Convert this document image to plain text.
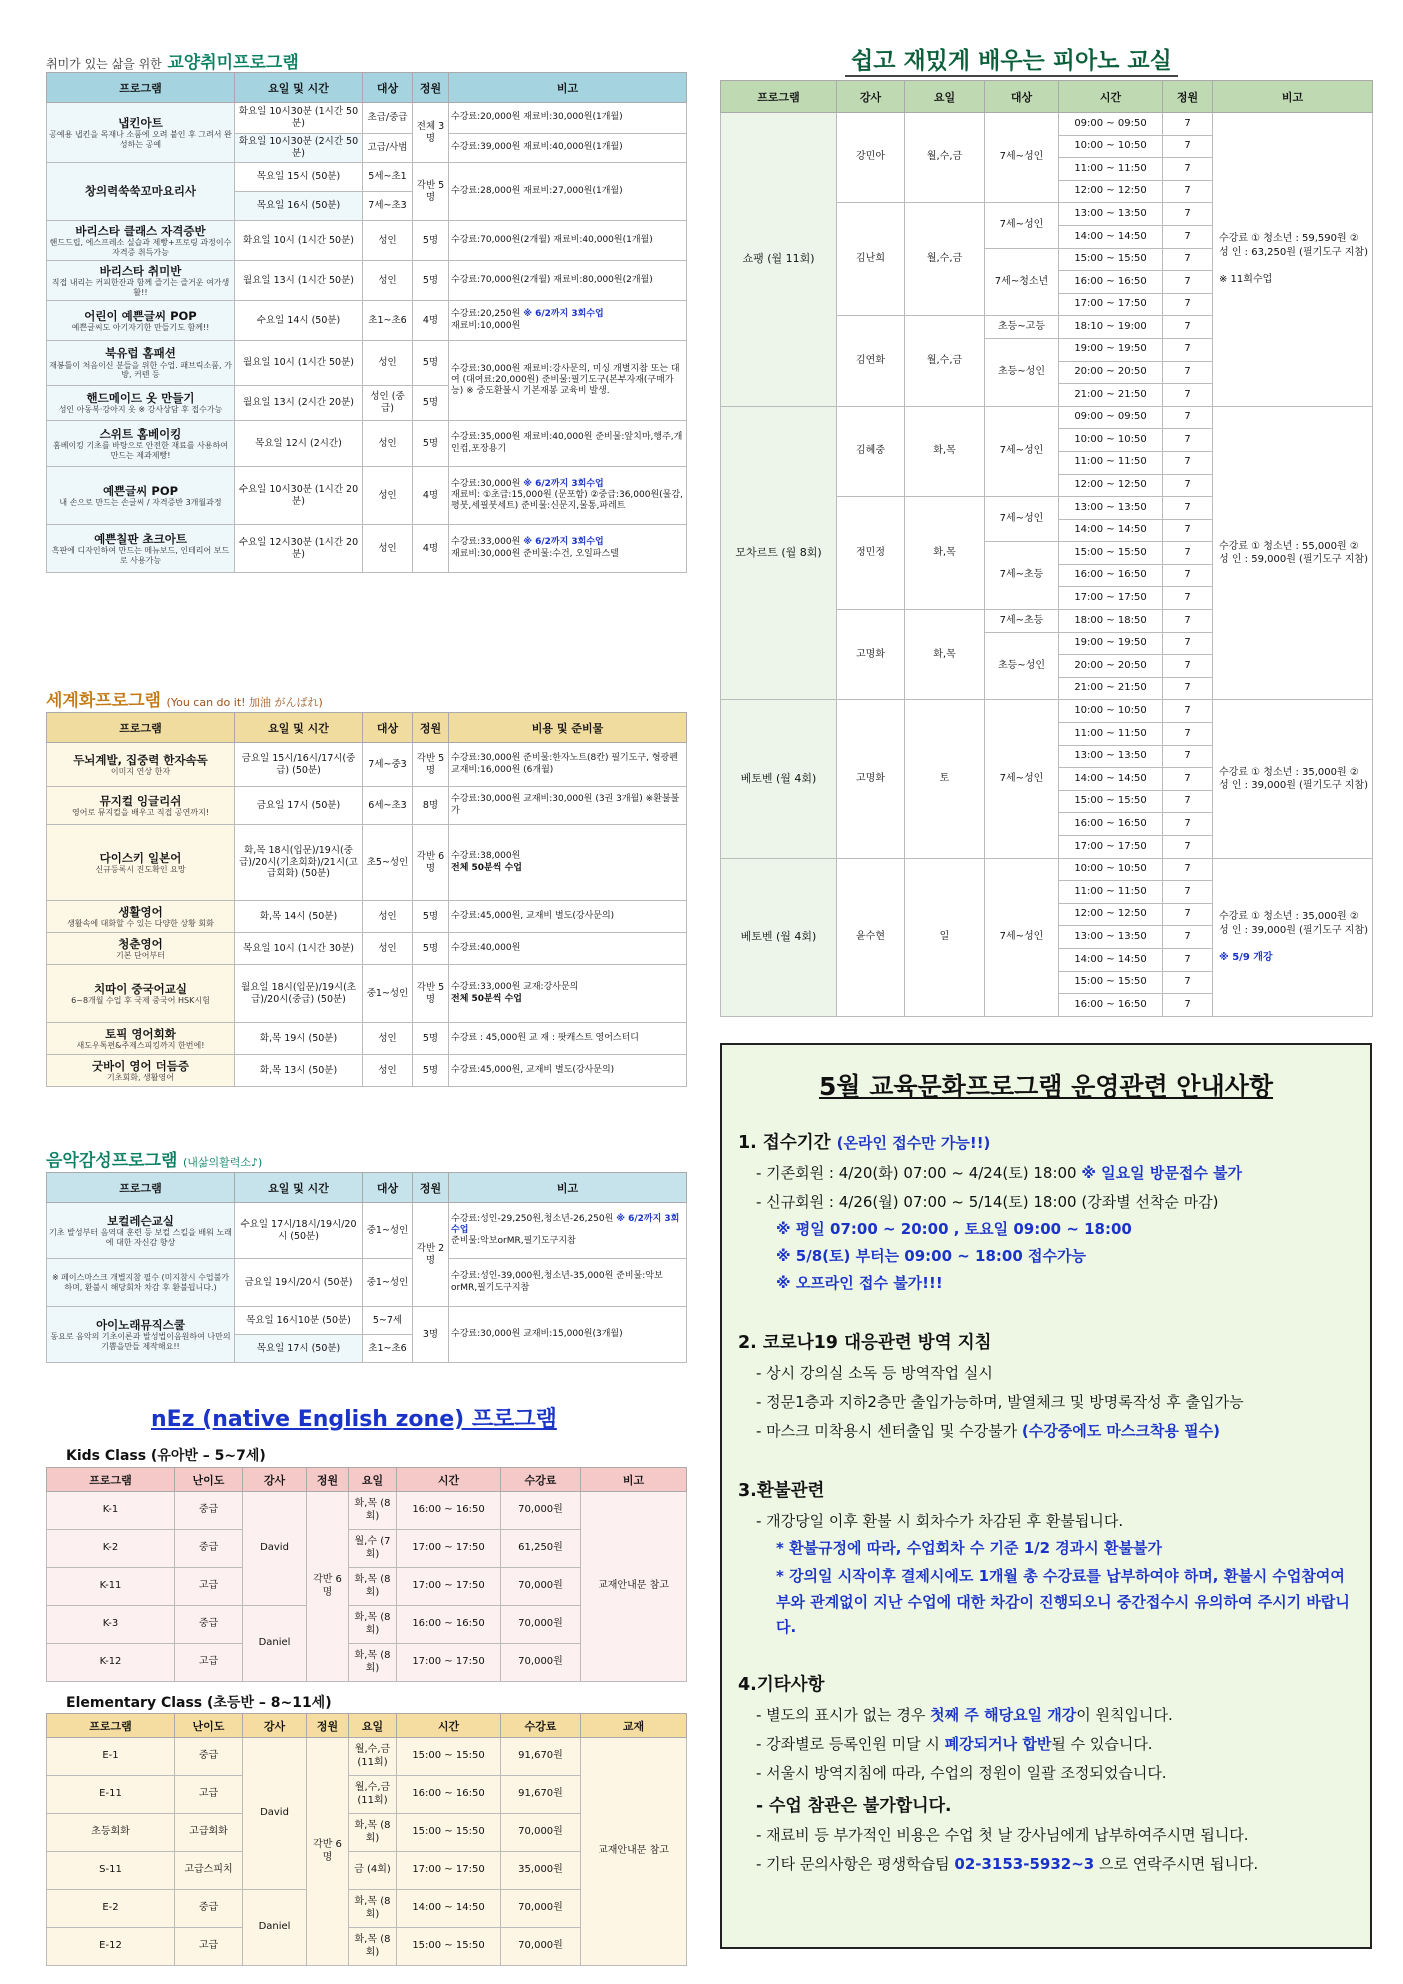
취미가 있는 삶을 위한 교양취미프로그램
프로그램	요일 및 시간	대상	정원	비고

냅킨아트
공예용 냅킨을 목재나 소품에 오려 붙인 후 그려서 완성하는 공예	화요일 10시30분 (1시간 50분)	초급/중급	전체 3명	수강료:20,000원 재료비:30,000원(1개월)
	화요일 10시30분 (2시간 50분)	고급/사범		수강료:39,000원 재료비:40,000원(1개월)

창의력쑥쑥꼬마요리사	목요일 15시 (50분)	5세~초1	각반 5명	수강료:28,000원 재료비:27,000원(1개월)
	목요일 16시 (50분)	7세~초3		

바리스타 클래스 자격증반
핸드드립, 에스프레소 실습과 제빵+프로링 과정이수자격증 취득가능	화요일 10시 (1시간 50분)	성인	5명	수강료:70,000원(2개월) 재료비:40,000원(1개월)

바리스타 취미반
직접 내리는 커피한잔과 함께 즐기는 즐거운 여가생활!!	월요일 13시 (1시간 50분)	성인	5명	수강료:70,000원(2개월) 재료비:80,000원(2개월)

어린이 예쁜글씨 POP
예쁜글씨도 아기자기한 만들기도 함께!!	수요일 14시 (50분)	초1~초6	4명	수강료:20,250원 ※ 6/2까지 3회수업
재료비:10,000원

북유럽 홈패션
재봉틀이 처음이신 분들을 위한 수업. 패브릭소품, 가방, 커텐 등	월요일 10시 (1시간 50분)	성인	5명	수강료:30,000원 재료비:강사문의, 미싱 개별지참 또는 대여 (대여료:20,000원) 준비물:필기도구(본부자재(구매가능) ※ 중도환불시 기본재봉 교육비 발생.

핸드메이드 옷 만들기
성인 아동복·강아지 옷 ※ 강사상담 후 접수가능	월요일 13시 (2시간 20분)	성인 (중급)	5명	

스위트 홈베이킹
홈베이킹 기초를 바탕으로 안전한 재료를 사용하여 만드는 제과제빵!	목요일 12시 (2시간)	성인	5명	수강료:35,000원 재료비:40,000원 준비물:앞치마,행주,개인컵,포장용기

예쁜글씨 POP
내 손으로 만드는 손글씨 / 자격증반 3개월과정	수요일 10시30분 (1시간 20분)	성인	4명	수강료:30,000원 ※ 6/2까지 3회수업
재료비: ①초급:15,000원 (문포함) ②중급:36,000원(물감,평붓,세필붓세트) 준비물:신문지,물통,파레트

예쁜칠판 초크아트
흑판에 디자인하여 만드는 메뉴보드, 인테리어 보드로 사용가능	수요일 12시30분 (1시간 20분)	성인	4명	수강료:33,000원 ※ 6/2까지 3회수업
재료비:30,000원 준비물:수건, 오일파스텔
세계화프로그램 (You can do it! 加油 がんばれ)
프로그램	요일 및 시간	대상	정원	비용 및 준비물

두뇌계발, 집중력 한자속독
이미지 연상 한자	금요일 15시/16시/17시(중급) (50분)	7세~중3	각반 5명	수강료:30,000원 준비물:한자노트(8칸) 필기도구, 형광펜 교재비:16,000원 (6개월)

뮤지컬 잉글리쉬
영어로 뮤지컬을 배우고 직접 공연까지!	금요일 17시 (50분)	6세~초3	8명	수강료:30,000원 교재비:30,000원 (3권 3개월) ※환불불가

다이스키 일본어
신규등록시 진도확인 요망	화,목 18시(입문)/19시(중급)/20시(기초회화)/21시(고급회화) (50분)	초5~성인	각반 6명	수강료:38,000원
전체 50분씩 수업

생활영어
생활속에 대화할 수 있는 다양한 상황 회화	화,목 14시 (50분)	성인	5명	수강료:45,000원, 교재비 별도(강사문의)

청춘영어
기본 단어부터	목요일 10시 (1시간 30분)	성인	5명	수강료:40,000원

치따이 중국어교실
6~8개월 수업 후 국제 중국어 HSK시험	월요일 18시(입문)/19시(초급)/20시(중급) (50분)	중1~성인	각반 5명	수강료:33,000원 교재:강사문의
전체 50분씩 수업

토픽 영어회화
새도우톡편&주제스피킹까지 한번에!	화,목 19시 (50분)	성인	5명	수강료 : 45,000원 교 재 : 팟캐스트 영어스터디

굿바이 영어 더듬증
기초회화, 생활영어	화,목 13시 (50분)	성인	5명	수강료:45,000원, 교재비 별도(강사문의)
음악감성프로그램 (내삶의활력소♪)
프로그램	요일 및 시간	대상	정원	비고

보컬레슨교실
기초 발성부터 음역대 훈련 등 보컬 스킬을 배워 노래에 대한 자신감 향상	수요일 17시/18시/19시/20시 (50분)	중1~성인	각반 2명	수강료:성인-29,250원,청소년-26,250원 ※ 6/2까지 3회수업
준비물:악보orMR,필기도구지참

※ 페이스마스크 개별지참 필수 (미지참시 수업불가하며, 환불시 해당회차 차감 후 환불됩니다.)	금요일 19시/20시 (50분)	중1~성인		수강료:성인-39,000원,청소년-35,000원 준비물:악보orMR,필기도구지참

아이노래뮤직스쿨
동요로 음악의 기초이론과 발성법이음원하여 나만의 기쁨을만들 제작해요!!	목요일 16시10분 (50분)	5~7세	3명	수강료:30,000원 교재비:15,000원(3개월)
	목요일 17시 (50분)	초1~초6		
nEz (native English zone) 프로그램
Kids Class (유아반 – 5~7세)
프로그램	난이도	강사	정원	요일	시간	수강료	비고
K-1	중급	David	각반 6명	화,목 (8회)	16:00 ~ 16:50	70,000원	교재안내문 참고
K-2	중급			월,수 (7회)	17:00 ~ 17:50	61,250원	
K-11	고급			화,목 (8회)	17:00 ~ 17:50	70,000원	
K-3	중급	Daniel		화,목 (8회)	16:00 ~ 16:50	70,000원	
K-12	고급			화,목 (8회)	17:00 ~ 17:50	70,000원	
Elementary Class (초등반 – 8~11세)
프로그램	난이도	강사	정원	요일	시간	수강료	교재
E-1	중급	David	각반 6명	월,수,금 (11회)	15:00 ~ 15:50	91,670원	교재안내문 참고
E-11	고급			월,수,금 (11회)	16:00 ~ 16:50	91,670원	
초등회화	고급회화			화,목 (8회)	15:00 ~ 15:50	70,000원	
S-11	고급스피치			금 (4회)	17:00 ~ 17:50	35,000원	
E-2	중급	Daniel		화,목 (8회)	14:00 ~ 14:50	70,000원	
E-12	고급			화,목 (8회)	15:00 ~ 15:50	70,000원	
쉽고 재밌게 배우는 피아노 교실
프로그램	강사	요일	대상	시간	정원	비고
쇼팽 (월 11회)	강민아	월,수,금	7세~성인	09:00 ~ 09:50	7	수강료 ① 청소년 : 59,590원 ② 성 인 : 63,250원 (필기도구 지참)

※ 11회수업
				10:00 ~ 10:50	7	
				11:00 ~ 11:50	7	
				12:00 ~ 12:50	7	
	김난희	월,수,금	7세~성인	13:00 ~ 13:50	7	
				14:00 ~ 14:50	7	
			7세~청소년	15:00 ~ 15:50	7	
				16:00 ~ 16:50	7	
				17:00 ~ 17:50	7	
	김연화	월,수,금	초등~고등	18:10 ~ 19:00	7	
			초등~성인	19:00 ~ 19:50	7	
				20:00 ~ 20:50	7	
				21:00 ~ 21:50	7	
모차르트 (월 8회)	김혜중	화,목	7세~성인	09:00 ~ 09:50	7	수강료 ① 청소년 : 55,000원 ② 성 인 : 59,000원 (필기도구 지참)
				10:00 ~ 10:50	7	
				11:00 ~ 11:50	7	
				12:00 ~ 12:50	7	
	정민정	화,목	7세~성인	13:00 ~ 13:50	7	
				14:00 ~ 14:50	7	
			7세~초등	15:00 ~ 15:50	7	
				16:00 ~ 16:50	7	
				17:00 ~ 17:50	7	
	고명화	화,목	7세~초등	18:00 ~ 18:50	7	
			초등~성인	19:00 ~ 19:50	7	
				20:00 ~ 20:50	7	
				21:00 ~ 21:50	7	
베토벤 (월 4회)	고명화	토	7세~성인	10:00 ~ 10:50	7	수강료 ① 청소년 : 35,000원 ② 성 인 : 39,000원 (필기도구 지참)
				11:00 ~ 11:50	7	
				13:00 ~ 13:50	7	
				14:00 ~ 14:50	7	
				15:00 ~ 15:50	7	
				16:00 ~ 16:50	7	
				17:00 ~ 17:50	7	
베토벤 (월 4회)	윤수현	일	7세~성인	10:00 ~ 10:50	7	수강료 ① 청소년 : 35,000원 ② 성 인 : 39,000원 (필기도구 지참)

※ 5/9 개강
				11:00 ~ 11:50	7	
				12:00 ~ 12:50	7	
				13:00 ~ 13:50	7	
				14:00 ~ 14:50	7	
				15:00 ~ 15:50	7	
				16:00 ~ 16:50	7	
5월 교육문화프로그램 운영관련 안내사항
1. 접수기간 (온라인 접수만 가능!!)
- 기존회원 : 4/20(화) 07:00 ~ 4/24(토) 18:00 ※ 일요일 방문접수 불가
- 신규회원 : 4/26(월) 07:00 ~ 5/14(토) 18:00 (강좌별 선착순 마감)
※ 평일 07:00 ~ 20:00 , 토요일 09:00 ~ 18:00
※ 5/8(토) 부터는 09:00 ~ 18:00 접수가능
※ 오프라인 접수 불가!!!
2. 코로나19 대응관련 방역 지침
- 상시 강의실 소독 등 방역작업 실시
- 정문1층과 지하2층만 출입가능하며, 발열체크 및 방명록작성 후 출입가능
- 마스크 미착용시 센터출입 및 수강불가 (수강중에도 마스크착용 필수)
3.환불관련
- 개강당일 이후 환불 시 회차수가 차감된 후 환불됩니다.
* 환불규정에 따라, 수업회차 수 기준 1/2 경과시 환불불가
* 강의일 시작이후 결제시에도 1개월 총 수강료를 납부하여야 하며, 환불시 수업참여여부와 관계없이 지난 수업에 대한 차감이 진행되오니 중간접수시 유의하여 주시기 바랍니다.
4.기타사항
- 별도의 표시가 없는 경우 첫째 주 해당요일 개강이 원칙입니다.
- 강좌별로 등록인원 미달 시 폐강되거나 합반될 수 있습니다.
- 서울시 방역지침에 따라, 수업의 정원이 일괄 조정되었습니다.
- 수업 참관은 불가합니다.
- 재료비 등 부가적인 비용은 수업 첫 날 강사님에게 납부하여주시면 됩니다.
- 기타 문의사항은 평생학습팀 02-3153-5932~3 으로 연락주시면 됩니다.
